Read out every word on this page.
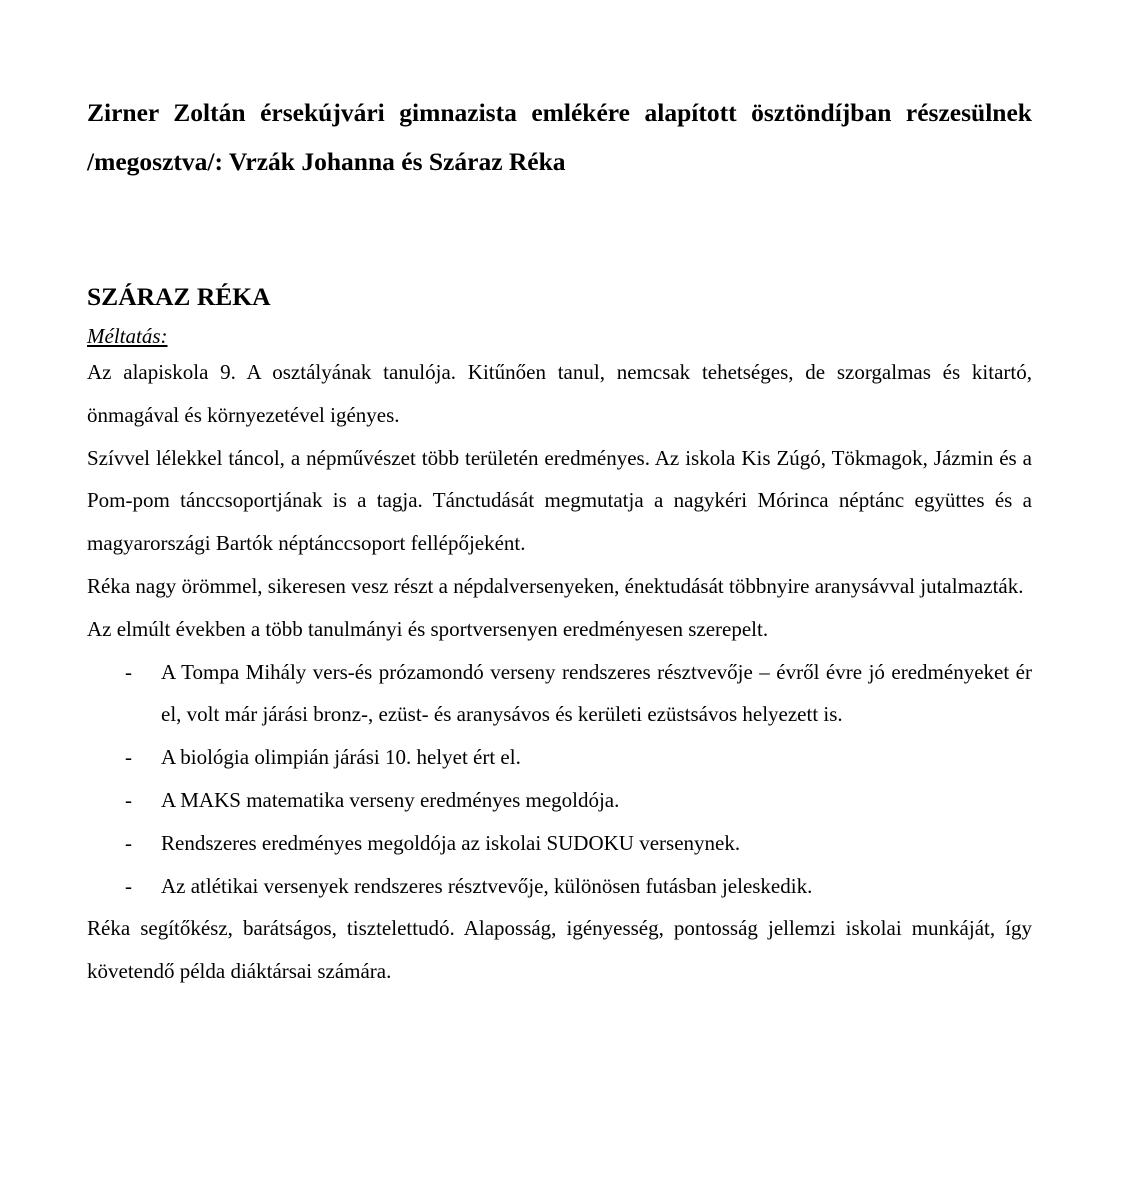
Zirner Zoltán érsekújvári gimnazista emlékére alapított ösztöndíjban részesülnek /megosztva/: Vrzák Johanna és Száraz Réka

SZÁRAZ RÉKA
Méltatás:

Az alapiskola 9. A osztályának tanulója. Kitűnően tanul, nemcsak tehetséges, de szorgalmas és kitartó, önmagával és környezetével igényes.

Szívvel lélekkel táncol, a népművészet több területén eredményes. Az iskola Kis Zúgó, Tökmagok, Jázmin és a Pom-pom tánccsoportjának is a tagja. Tánctudását megmutatja a nagykéri Mórinca néptánc együttes és a magyarországi Bartók néptánccsoport fellépőjeként.

Réka nagy örömmel, sikeresen vesz részt a népdalversenyeken, énektudását többnyire aranysávval jutalmazták.

Az elmúlt években a több tanulmányi és sportversenyen eredményesen szerepelt.

- A Tompa Mihály vers-és prózamondó verseny rendszeres résztvevője – évről évre jó eredményeket ér el, volt már járási bronz-, ezüst- és aranysávos és kerületi ezüstsávos helyezett is.
- A biológia olimpián járási 10. helyet ért el.
- A MAKS matematika verseny eredményes megoldója.
- Rendszeres eredményes megoldója az iskolai SUDOKU versenynek.
- Az atlétikai versenyek rendszeres résztvevője, különösen futásban jeleskedik.

Réka segítőkész, barátságos, tisztelettudó. Alaposság, igényesség, pontosság jellemzi iskolai munkáját, így követendő példa diáktársai számára.
